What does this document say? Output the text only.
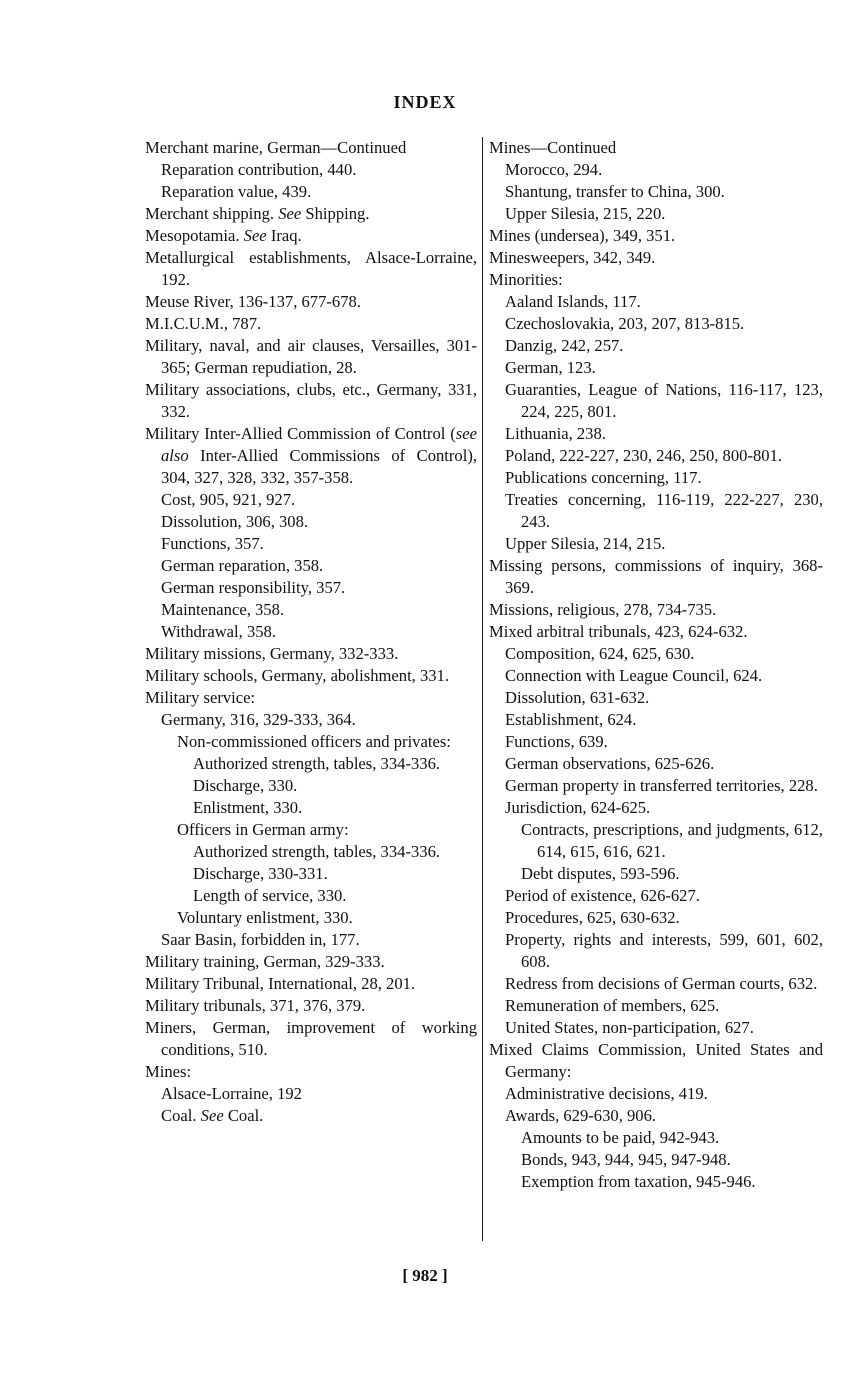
INDEX
Merchant marine, German—Continued
Reparation contribution, 440.
Reparation value, 439.
Merchant shipping. See Shipping.
Mesopotamia. See Iraq.
Metallurgical establishments, Alsace-Lorraine, 192.
Meuse River, 136-137, 677-678.
M.I.C.U.M., 787.
Military, naval, and air clauses, Versailles, 301-365; German repudiation, 28.
Military associations, clubs, etc., Germany, 331, 332.
Military Inter-Allied Commission of Control (see also Inter-Allied Commissions of Control), 304, 327, 328, 332, 357-358.
Cost, 905, 921, 927.
Dissolution, 306, 308.
Functions, 357.
German reparation, 358.
German responsibility, 357.
Maintenance, 358.
Withdrawal, 358.
Military missions, Germany, 332-333.
Military schools, Germany, abolishment, 331.
Military service:
Germany, 316, 329-333, 364.
Non-commissioned officers and privates:
Authorized strength, tables, 334-336.
Discharge, 330.
Enlistment, 330.
Officers in German army:
Authorized strength, tables, 334-336.
Discharge, 330-331.
Length of service, 330.
Voluntary enlistment, 330.
Saar Basin, forbidden in, 177.
Military training, German, 329-333.
Military Tribunal, International, 28, 201.
Military tribunals, 371, 376, 379.
Miners, German, improvement of working conditions, 510.
Mines:
Alsace-Lorraine, 192
Coal. See Coal.
Mines—Continued
Morocco, 294.
Shantung, transfer to China, 300.
Upper Silesia, 215, 220.
Mines (undersea), 349, 351.
Minesweepers, 342, 349.
Minorities:
Aaland Islands, 117.
Czechoslovakia, 203, 207, 813-815.
Danzig, 242, 257.
German, 123.
Guaranties, League of Nations, 116-117, 123, 224, 225, 801.
Lithuania, 238.
Poland, 222-227, 230, 246, 250, 800-801.
Publications concerning, 117.
Treaties concerning, 116-119, 222-227, 230, 243.
Upper Silesia, 214, 215.
Missing persons, commissions of inquiry, 368-369.
Missions, religious, 278, 734-735.
Mixed arbitral tribunals, 423, 624-632.
Composition, 624, 625, 630.
Connection with League Council, 624.
Dissolution, 631-632.
Establishment, 624.
Functions, 639.
German observations, 625-626.
German property in transferred territories, 228.
Jurisdiction, 624-625.
Contracts, prescriptions, and judgments, 612, 614, 615, 616, 621.
Debt disputes, 593-596.
Period of existence, 626-627.
Procedures, 625, 630-632.
Property, rights and interests, 599, 601, 602, 608.
Redress from decisions of German courts, 632.
Remuneration of members, 625.
United States, non-participation, 627.
Mixed Claims Commission, United States and Germany:
Administrative decisions, 419.
Awards, 629-630, 906.
Amounts to be paid, 942-943.
Bonds, 943, 944, 945, 947-948.
Exemption from taxation, 945-946.
[ 982 ]
